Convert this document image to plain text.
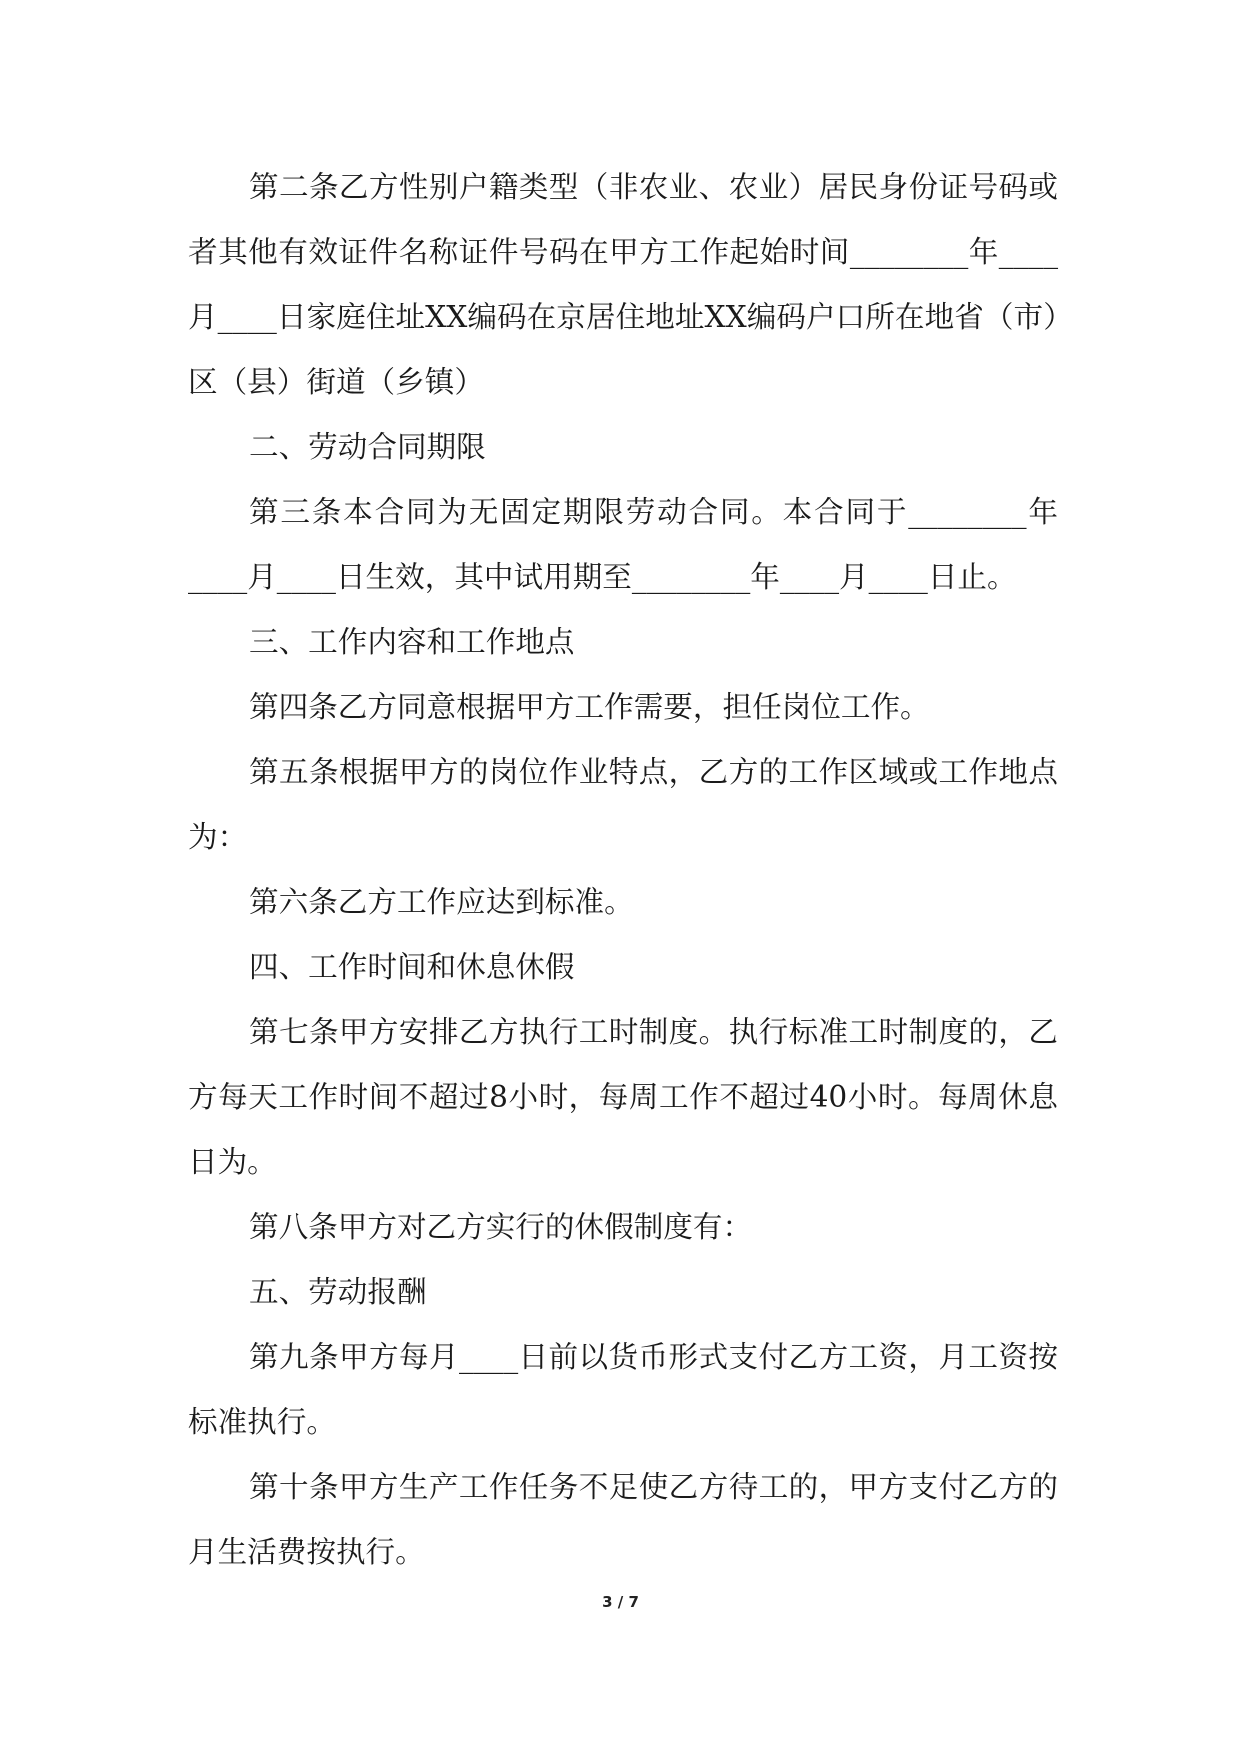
第二条乙方性别户籍类型（非农业、农业）居民身份证号码或者其他有效证件名称证件号码在甲方工作起始时间________年____月____日家庭住址XX编码在京居住地址XX编码户口所在地省（市）区（县）街道（乡镇）

二、劳动合同期限

第三条本合同为无固定期限劳动合同。本合同于________年____月____日生效，其中试用期至________年____月____日止。

三、工作内容和工作地点

第四条乙方同意根据甲方工作需要，担任岗位工作。

第五条根据甲方的岗位作业特点，乙方的工作区域或工作地点为：

第六条乙方工作应达到标准。

四、工作时间和休息休假

第七条甲方安排乙方执行工时制度。执行标准工时制度的，乙方每天工作时间不超过8小时，每周工作不超过40小时。每周休息日为。

第八条甲方对乙方实行的休假制度有：

五、劳动报酬

第九条甲方每月____日前以货币形式支付乙方工资，月工资按标准执行。

第十条甲方生产工作任务不足使乙方待工的，甲方支付乙方的月生活费按执行。

3 / 7
